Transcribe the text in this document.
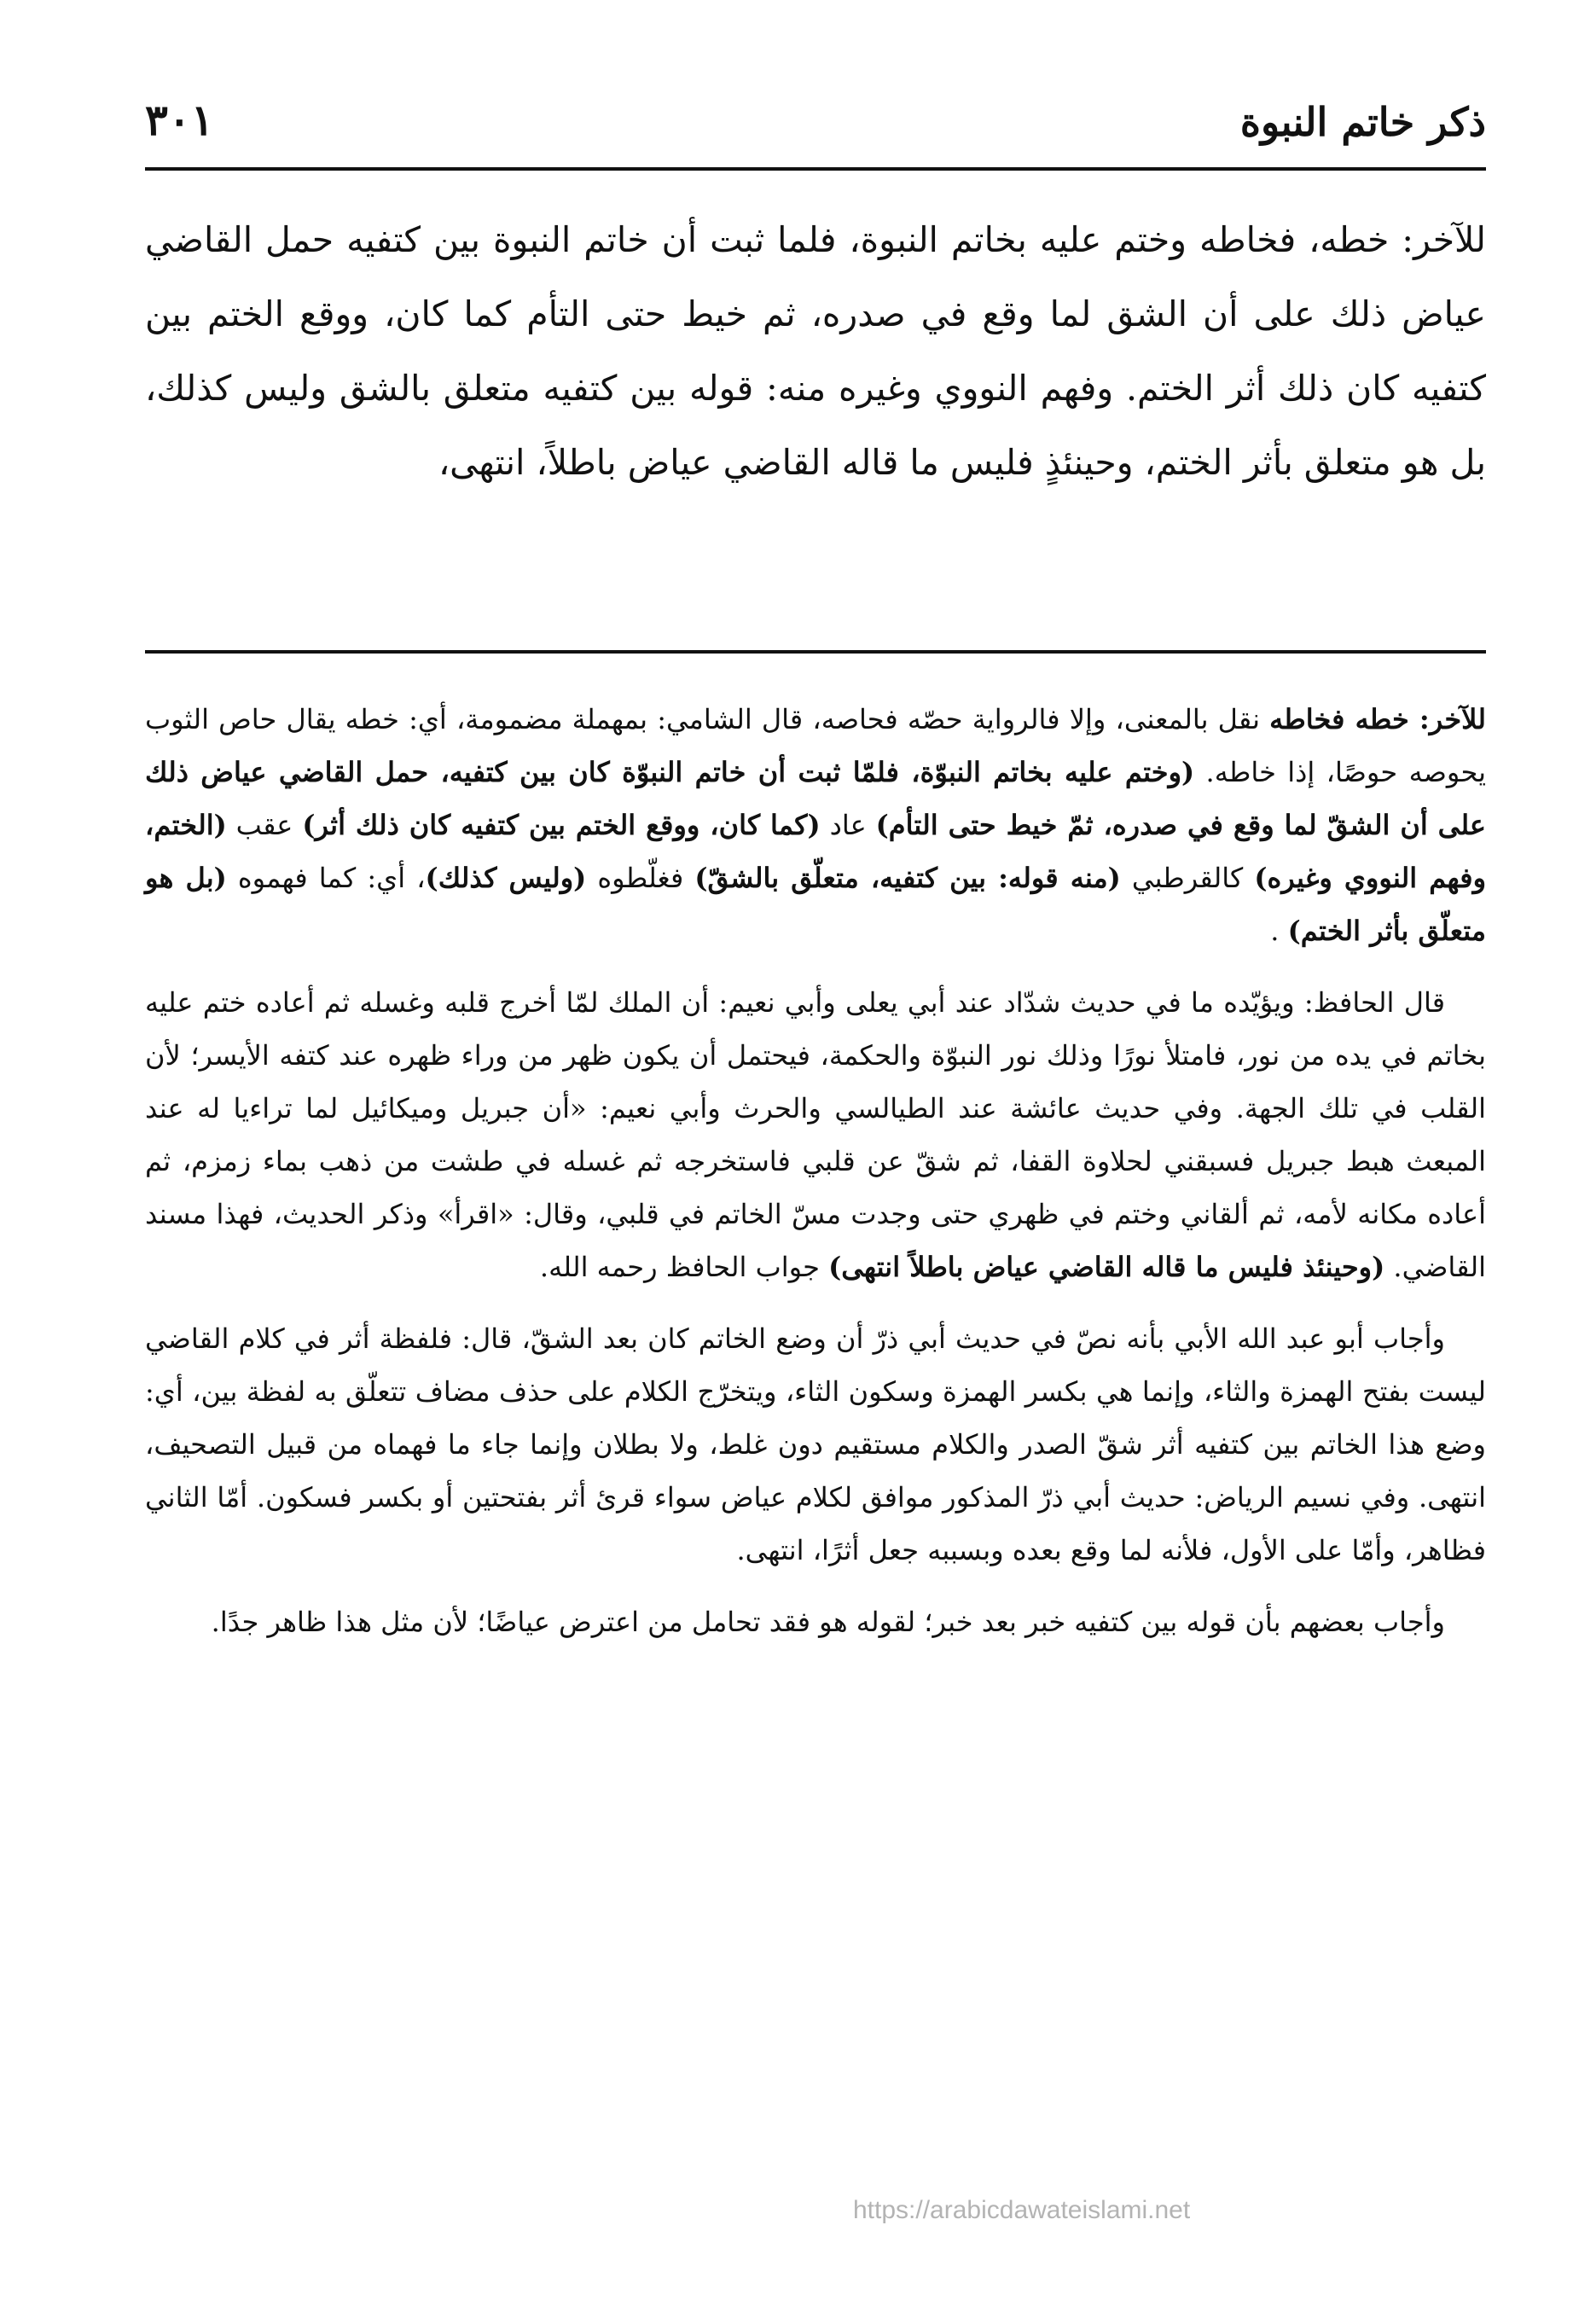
ذكر خاتم النبوة
٣٠١
للآخر: خطه، فخاطه وختم عليه بخاتم النبوة، فلما ثبت أن خاتم النبوة بين كتفيه حمل القاضي عياض ذلك على أن الشق لما وقع في صدره، ثم خيط حتى التأم كما كان، ووقع الختم بين كتفيه كان ذلك أثر الختم. وفهم النووي وغيره منه: قوله بين كتفيه متعلق بالشق وليس كذلك، بل هو متعلق بأثر الختم، وحينئذٍ فليس ما قاله القاضي عياض باطلاً، انتهى،

للآخر: خطه فخاطه نقل بالمعنى، وإلا فالرواية حصّه فحاصه، قال الشامي: بمهملة مضمومة، أي: خطه يقال حاص الثوب يحوصه حوصًا، إذا خاطه. (وختم عليه بخاتم النبوّة، فلمّا ثبت أن خاتم النبوّة كان بين كتفيه، حمل القاضي عياض ذلك على أن الشقّ لما وقع في صدره، ثمّ خيط حتى التأم) عاد (كما كان، ووقع الختم بين كتفيه كان ذلك أثر) عقب (الختم، وفهم النووي وغيره) كالقرطبي (منه قوله: بين كتفيه، متعلّق بالشقّ) فغلّطوه (وليس كذلك)، أي: كما فهموه (بل هو متعلّق بأثر الختم) .

قال الحافظ: ويؤيّده ما في حديث شدّاد عند أبي يعلى وأبي نعيم: أن الملك لمّا أخرج قلبه وغسله ثم أعاده ختم عليه بخاتم في يده من نور، فامتلأ نورًا وذلك نور النبوّة والحكمة، فيحتمل أن يكون ظهر من وراء ظهره عند كتفه الأيسر؛ لأن القلب في تلك الجهة. وفي حديث عائشة عند الطيالسي والحرث وأبي نعيم: «أن جبريل وميكائيل لما تراءيا له عند المبعث هبط جبريل فسبقني لحلاوة القفا، ثم شقّ عن قلبي فاستخرجه ثم غسله في طشت من ذهب بماء زمزم، ثم أعاده مكانه لأمه، ثم ألقاني وختم في ظهري حتى وجدت مسّ الخاتم في قلبي، وقال: «اقرأ» وذكر الحديث، فهذا مسند القاضي. (وحينئذ فليس ما قاله القاضي عياض باطلاً انتهى) جواب الحافظ رحمه الله.

وأجاب أبو عبد الله الأبي بأنه نصّ في حديث أبي ذرّ أن وضع الخاتم كان بعد الشقّ، قال: فلفظة أثر في كلام القاضي ليست بفتح الهمزة والثاء، وإنما هي بكسر الهمزة وسكون الثاء، ويتخرّج الكلام على حذف مضاف تتعلّق به لفظة بين، أي: وضع هذا الخاتم بين كتفيه أثر شقّ الصدر والكلام مستقيم دون غلط، ولا بطلان وإنما جاء ما فهماه من قبيل التصحيف، انتهى. وفي نسيم الرياض: حديث أبي ذرّ المذكور موافق لكلام عياض سواء قرئ أثر بفتحتين أو بكسر فسكون. أمّا الثاني فظاهر، وأمّا على الأول، فلأنه لما وقع بعده وبسببه جعل أثرًا، انتهى.

وأجاب بعضهم بأن قوله بين كتفيه خبر بعد خبر؛ لقوله هو فقد تحامل من اعترض عياضًا؛ لأن مثل هذا ظاهر جدًا.

https://arabicdawateislami.net
